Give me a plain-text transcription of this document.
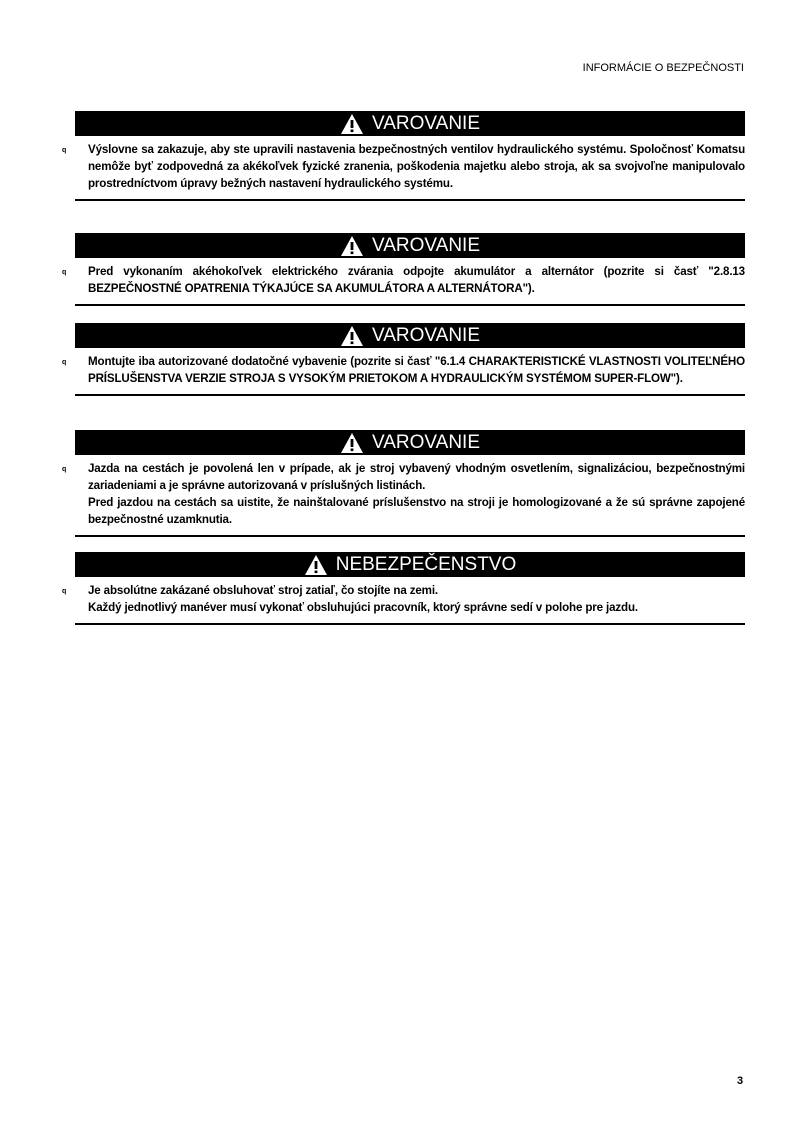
INFORMÁCIE O BEZPEČNOSTI
VAROVANIE
q Výslovne sa zakazuje, aby ste upravili nastavenia bezpečnostných ventilov hydraulického systému. Spoločnosť Komatsu nemôže byť zodpovedná za akékoľvek fyzické zranenia, poškodenia majetku alebo stroja, ak sa svojvoľne manipulovalo prostredníctvom úpravy bežných nastavení hydraulického systému.

VAROVANIE
q Pred vykonaním akéhokoľvek elektrického zvárania odpojte akumulátor a alternátor (pozrite si časť "2.8.13 BEZPEČNOSTNÉ OPATRENIA TÝKAJÚCE SA AKUMULÁTORA A ALTERNÁTORA").

VAROVANIE
q Montujte iba autorizované dodatočné vybavenie (pozrite si časť "6.1.4 CHARAKTERISTICKÉ VLASTNOSTI VOLITEĽNÉHO PRÍSLUŠENSTVA VERZIE STROJA S VYSOKÝM PRIETOKOM A HYDRAULICKÝM SYSTÉMOM SUPER-FLOW").

VAROVANIE
q Jazda na cestách je povolená len v prípade, ak je stroj vybavený vhodným osvetlením, signalizáciou, bezpečnostnými zariadeniami a je správne autorizovaná v príslušných listinách.

Pred jazdou na cestách sa uistite, že nainštalované príslušenstvo na stroji je homologizované a že sú správne zapojené bezpečnostné uzamknutia.

NEBEZPEČENSTVO
q Je absolútne zakázané obsluhovať stroj zatiaľ, čo stojíte na zemi.

Každý jednotlivý manéver musí vykonať obsluhujúci pracovník, ktorý správne sedí v polohe pre jazdu.

3
